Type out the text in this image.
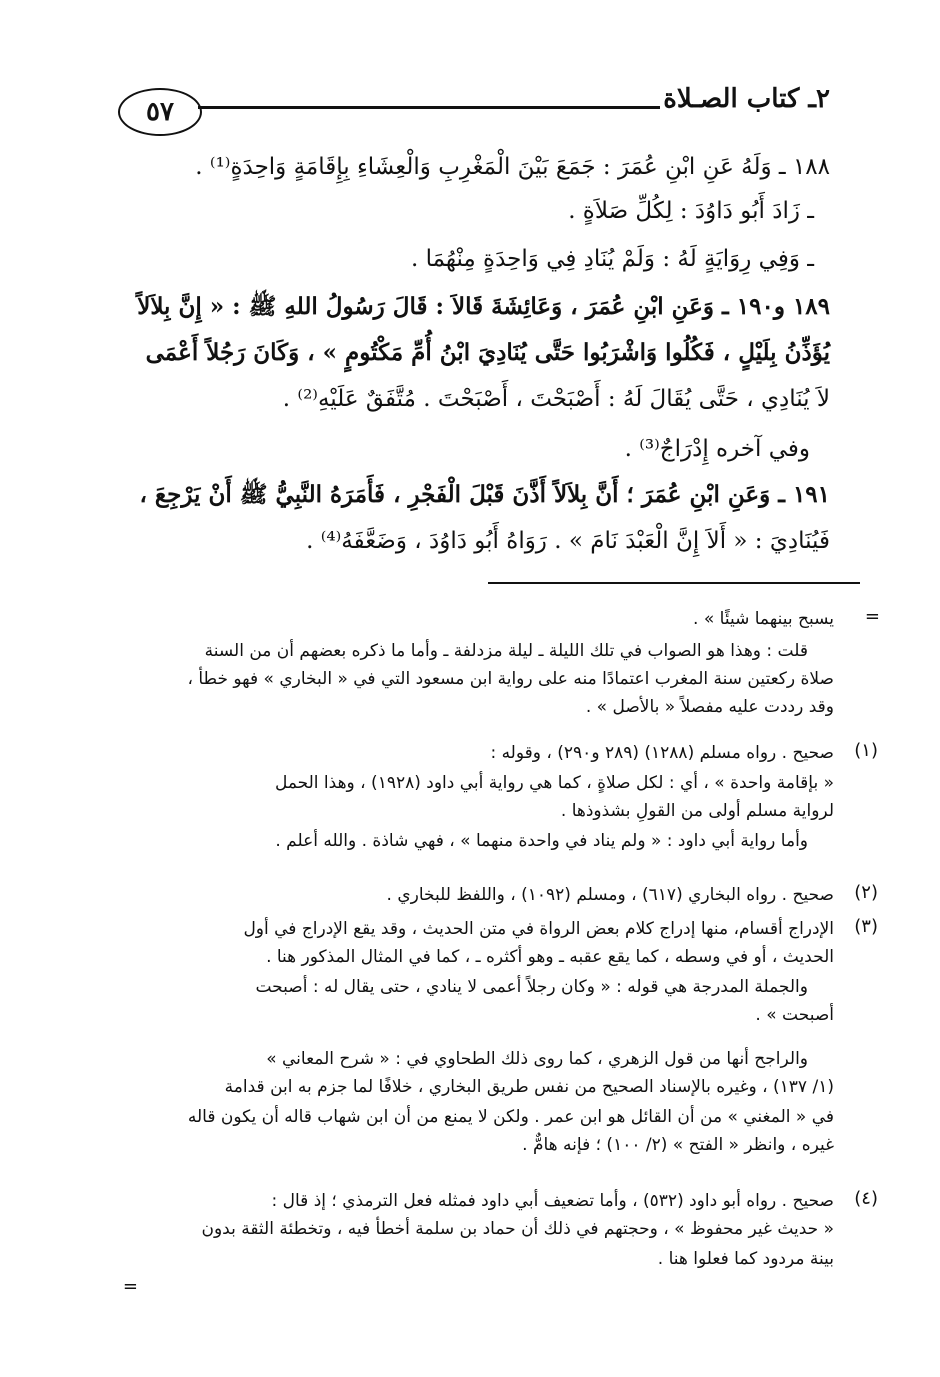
٥٧	٢ـ كتاب الصـلاة
١٨٨ ـ وَلَهُ عَنِ ابْنِ عُمَرَ : جَمَعَ بَيْنَ الْمَغْرِبِ وَالْعِشَاءِ بِإِقَامَةٍ وَاحِدَةٍ⁽¹⁾ .
ـ زَادَ أَبُو دَاوُدَ : لِكُلِّ صَلاَةٍ .
ـ وَفِي رِوَايَةٍ لَهُ : وَلَمْ يُنَادِ فِي وَاحِدَةٍ مِنْهُمَا .
١٨٩ و١٩٠ ـ وَعَنِ ابْنِ عُمَرَ ، وَعَائِشَةَ قَالاَ : قَالَ رَسُولُ اللهِ ﷺ : « إِنَّ بِلاَلاً
يُؤَذِّنُ بِلَيْلٍ ، فَكُلُوا وَاشْرَبُوا حَتَّى يُنَادِيَ ابْنُ أُمِّ مَكْتُومٍ » ، وَكَانَ رَجُلاً أَعْمَى
لاَ يُنَادِي ، حَتَّى يُقَالَ لَهُ : أَصْبَحْتَ ، أَصْبَحْتَ . مُتَّفَقٌ عَلَيْهِ⁽²⁾ .
وفي آخره إِدْرَاجٌ⁽³⁾ .
١٩١ ـ وَعَنِ ابْنِ عُمَرَ ؛ أَنَّ بِلاَلاً أَذَّنَ قَبْلَ الْفَجْرِ ، فَأَمَرَهُ النَّبِيُّ ﷺ أَنْ يَرْجِعَ ،
فَيُنَادِيَ : « أَلاَ إِنَّ الْعَبْدَ نَامَ » . رَوَاهُ أَبُو دَاوُدَ ، وَضَعَّفَهُ⁽⁴⁾ .
=
يسبح بينهما شيئًا » .
قلت : وهذا هو الصواب في تلك الليلة ـ ليلة مزدلفة ـ وأما ما ذكره بعضهم أن من السنة
صلاة ركعتين سنة المغرب اعتمادًا منه على رواية ابن مسعود التي في « البخاري » فهو خطأ ،
وقد رددت عليه مفصلاً « بالأصل » .
(١)
صحيح . رواه مسلم (١٢٨٨) (٢٨٩ و٢٩٠) ، وقوله :
« بإقامة واحدة » ، أي : لكل صلاةٍ ، كما هي رواية أبي داود (١٩٢٨) ، وهذا الحمل
لرواية مسلم أولى من القولِ بشذوذها .
وأما رواية أبي داود : « ولم يناد في واحدة منهما » ، فهي شاذة . والله أعلم .
(٢)
صحيح . رواه البخاري (٦١٧) ، ومسلم (١٠٩٢) ، واللفظ للبخاري .
(٣)
الإدراج أقسام، منها إدراج كلام بعض الرواة في متن الحديث ، وقد يقع الإدراج في أول
الحديث ، أو في وسطه ، كما يقع عقبه ـ وهو أكثره ـ ، كما في المثال المذكور هنا .
والجملة المدرجة هي قوله : « وكان رجلاً أعمى لا ينادي ، حتى يقال له : أصبحت
أصبحت » .
والراجح أنها من قول الزهري ، كما روى ذلك الطحاوي في : « شرح المعاني »
(١/ ١٣٧) ، وغيره بالإسناد الصحيح من نفس طريق البخاري ، خلافًا لما جزم به ابن قدامة
في « المغني » من أن القائل هو ابن عمر . ولكن لا يمنع من أن ابن شهاب قاله أن يكون قاله
غيره ، وانظر « الفتح » (٢/ ١٠٠) ؛ فإنه هامٌّ .
(٤)
صحيح . رواه أبو داود (٥٣٢) ، وأما تضعيف أبي داود فمثله فعل الترمذي ؛ إذ قال :
« حديث غير محفوظ » ، وحجتهم في ذلك أن حماد بن سلمة أخطأ فيه ، وتخطئة الثقة بدون
بينة مردود كما فعلوا هنا .
=
